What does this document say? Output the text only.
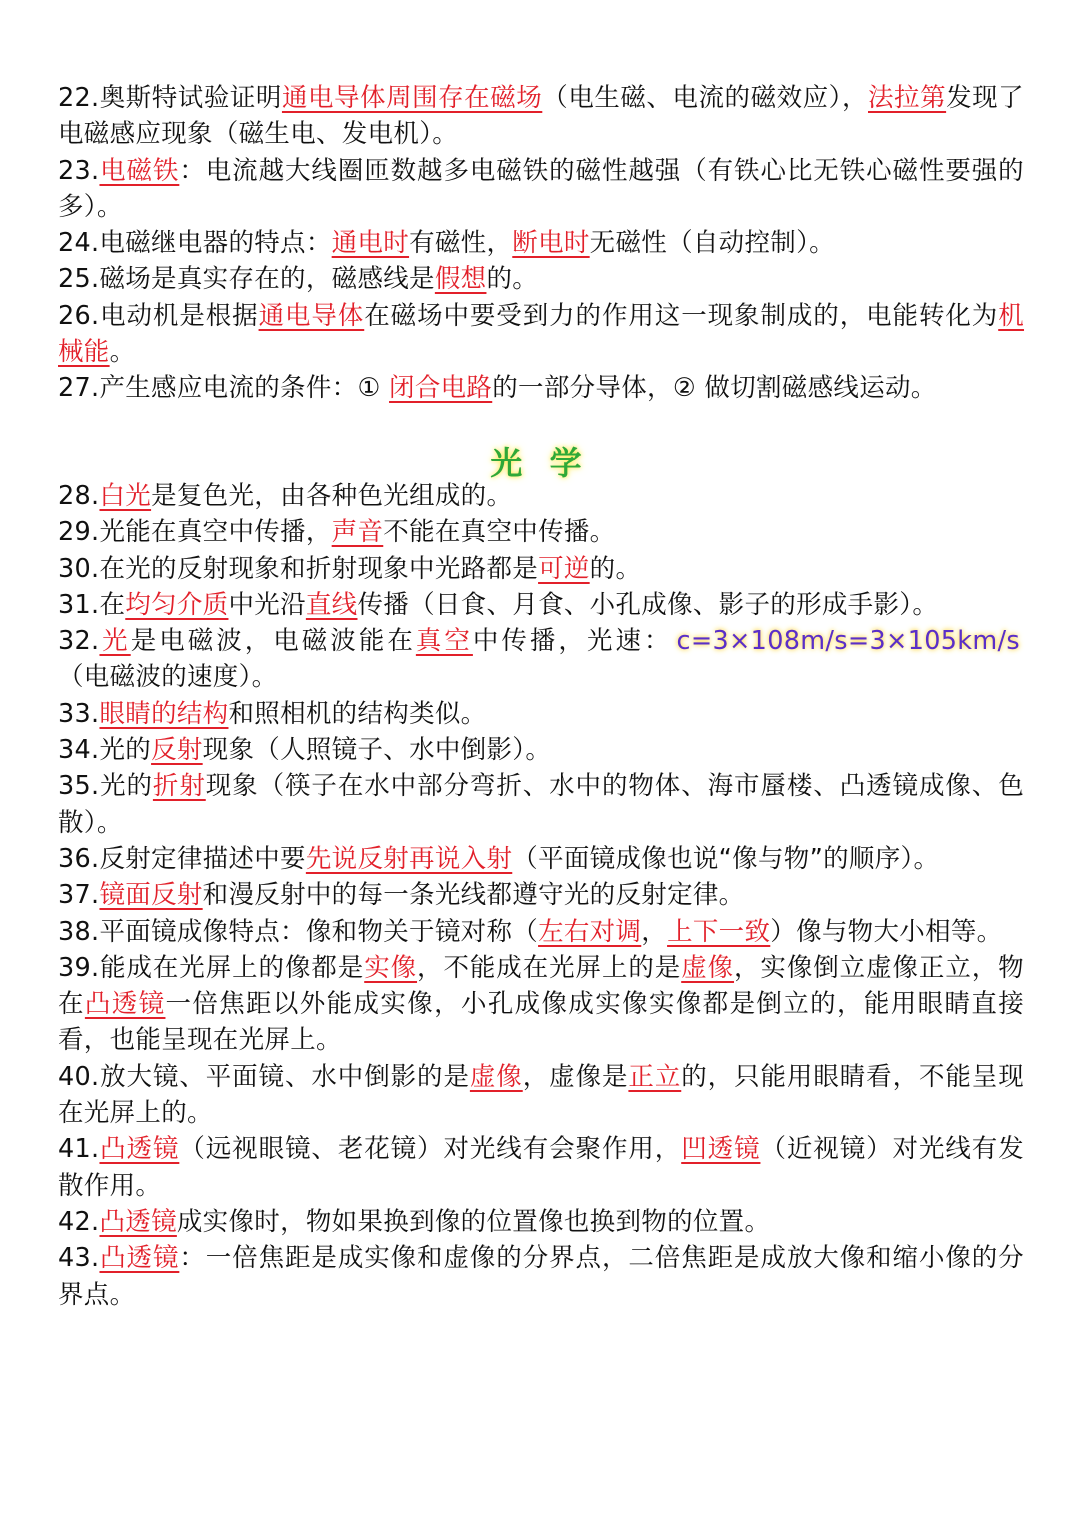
22.奥斯特试验证明通电导体周围存在磁场（电生磁、电流的磁效应），法拉第发现了电磁感应现象（磁生电、发电机）。
23.电磁铁：电流越大线圈匝数越多电磁铁的磁性越强（有铁心比无铁心磁性要强的多）。
24.电磁继电器的特点：通电时有磁性，断电时无磁性（自动控制）。
25.磁场是真实存在的，磁感线是假想的。
26.电动机是根据通电导体在磁场中要受到力的作用这一现象制成的，电能转化为机械能。
27.产生感应电流的条件：① 闭合电路的一部分导体，② 做切割磁感线运动。
光 学
28.白光是复色光，由各种色光组成的。
29.光能在真空中传播，声音不能在真空中传播。
30.在光的反射现象和折射现象中光路都是可逆的。
31.在均匀介质中光沿直线传播（日食、月食、小孔成像、影子的形成手影）。
32.光是电磁波，电磁波能在真空中传播，光速： c=3×108m/s=3×105km/s （电磁波的速度）。
33.眼睛的结构和照相机的结构类似。
34.光的反射现象（人照镜子、水中倒影）。
35.光的折射现象（筷子在水中部分弯折、水中的物体、海市蜃楼、凸透镜成像、色散）。
36.反射定律描述中要先说反射再说入射（平面镜成像也说“像与物”的顺序）。
37.镜面反射和漫反射中的每一条光线都遵守光的反射定律。
38.平面镜成像特点：像和物关于镜对称（左右对调，上下一致）像与物大小相等。
39.能成在光屏上的像都是实像，不能成在光屏上的是虚像，实像倒立虚像正立，物在凸透镜一倍焦距以外能成实像，小孔成像成实像实像都是倒立的，能用眼睛直接看，也能呈现在光屏上。
40.放大镜、平面镜、水中倒影的是虚像，虚像是正立的，只能用眼睛看，不能呈现在光屏上的。
41.凸透镜（远视眼镜、老花镜）对光线有会聚作用，凹透镜（近视镜）对光线有发散作用。
42.凸透镜成实像时，物如果换到像的位置像也换到物的位置。
43.凸透镜：一倍焦距是成实像和虚像的分界点，二倍焦距是成放大像和缩小像的分界点。
